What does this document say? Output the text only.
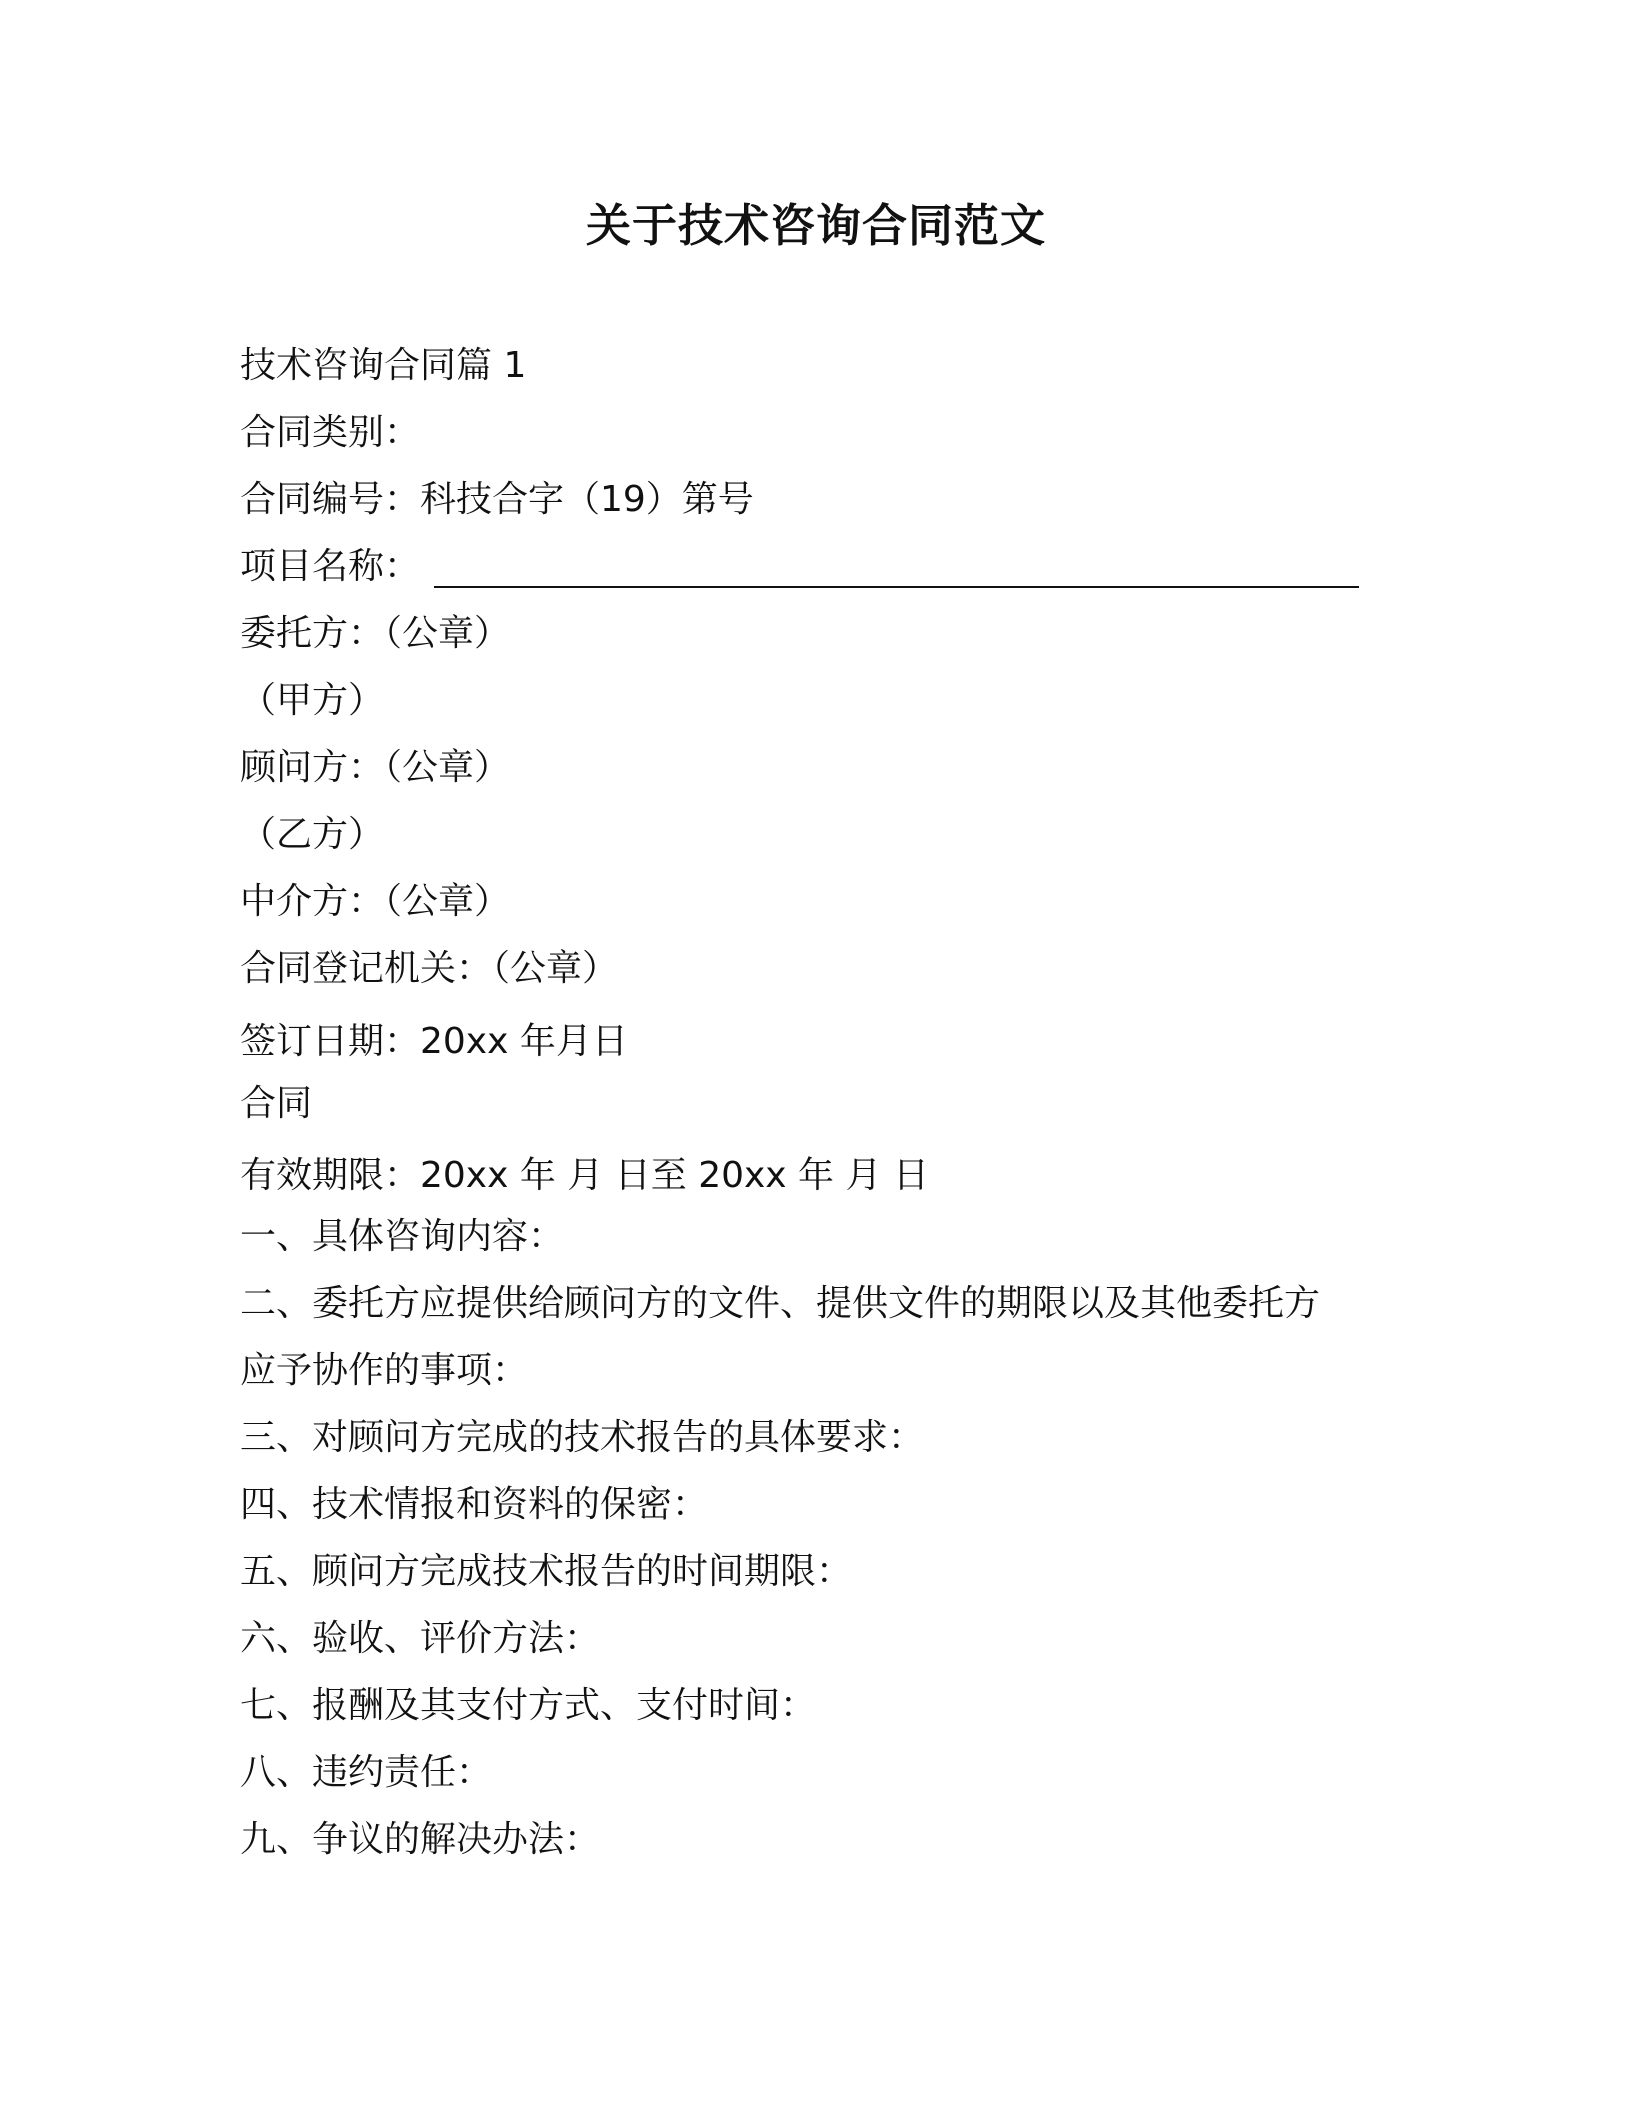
关于技术咨询合同范文
技术咨询合同篇 1
合同类别：
合同编号：科技合字（19）第号
项目名称：
委托方：（公章）
（甲方）
顾问方：（公章）
（乙方）
中介方：（公章）
合同登记机关：（公章）
签订日期：20xx 年月日
合同
有效期限：20xx 年 月 日至 20xx 年 月 日
一、具体咨询内容：
二、委托方应提供给顾问方的文件、提供文件的期限以及其他委托方
应予协作的事项：
三、对顾问方完成的技术报告的具体要求：
四、技术情报和资料的保密：
五、顾问方完成技术报告的时间期限：
六、验收、评价方法：
七、报酬及其支付方式、支付时间：
八、违约责任：
九、争议的解决办法：
